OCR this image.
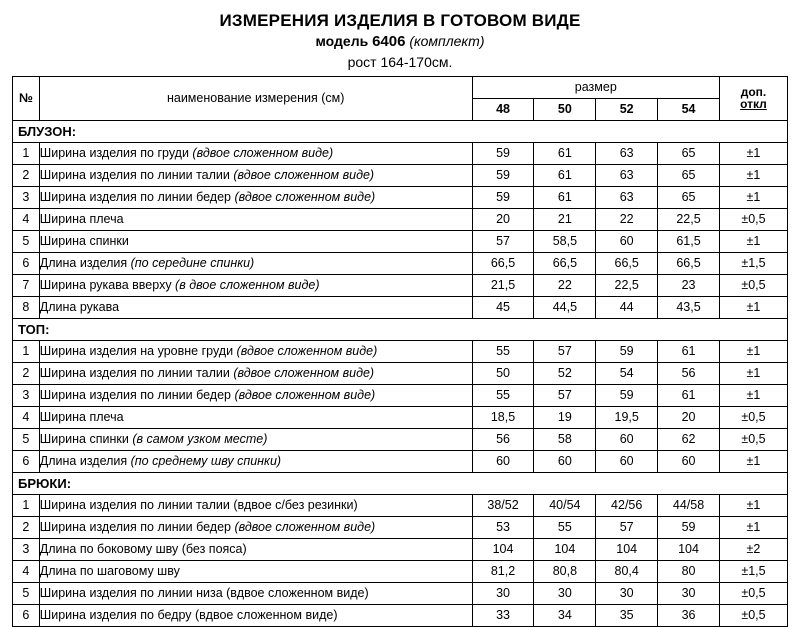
ИЗМЕРЕНИЯ ИЗДЕЛИЯ В ГОТОВОМ ВИДЕ
модель 6406 (комплект)
рост 164-170см.
№	наименование измерения (см)	размер				доп.
откл

		48	50	52	54	
БЛУЗОН:						
1	Ширина изделия по груди (вдвое сложенном виде)	59	61	63	65	±1
2	Ширина изделия по линии талии (вдвое сложенном виде)	59	61	63	65	±1
3	Ширина изделия по линии бедер (вдвое сложенном виде)	59	61	63	65	±1
4	Ширина плеча	20	21	22	22,5	±0,5
5	Ширина спинки	57	58,5	60	61,5	±1
6	Длина изделия (по середине спинки)	66,5	66,5	66,5	66,5	±1,5
7	Ширина рукава вверху (в двое сложенном виде)	21,5	22	22,5	23	±0,5
8	Длина рукава	45	44,5	44	43,5	±1
ТОП:						
1	Ширина изделия на уровне груди (вдвое сложенном виде)	55	57	59	61	±1
2	Ширина изделия по линии талии (вдвое сложенном виде)	50	52	54	56	±1
3	Ширина изделия по линии бедер (вдвое сложенном виде)	55	57	59	61	±1
4	Ширина плеча	18,5	19	19,5	20	±0,5
5	Ширина спинки (в самом узком месте)	56	58	60	62	±0,5
6	Длина изделия (по среднему шву спинки)	60	60	60	60	±1
БРЮКИ:						
1	Ширина изделия по линии талии (вдвое с/без резинки)	38/52	40/54	42/56	44/58	±1
2	Ширина изделия по линии бедер (вдвое сложенном виде)	53	55	57	59	±1
3	Длина по боковому шву (без пояса)	104	104	104	104	±2
4	Длина по шаговому шву	81,2	80,8	80,4	80	±1,5
5	Ширина изделия по линии низа (вдвое сложенном виде)	30	30	30	30	±0,5
6	Ширина изделия по бедру (вдвое сложенном виде)	33	34	35	36	±0,5
